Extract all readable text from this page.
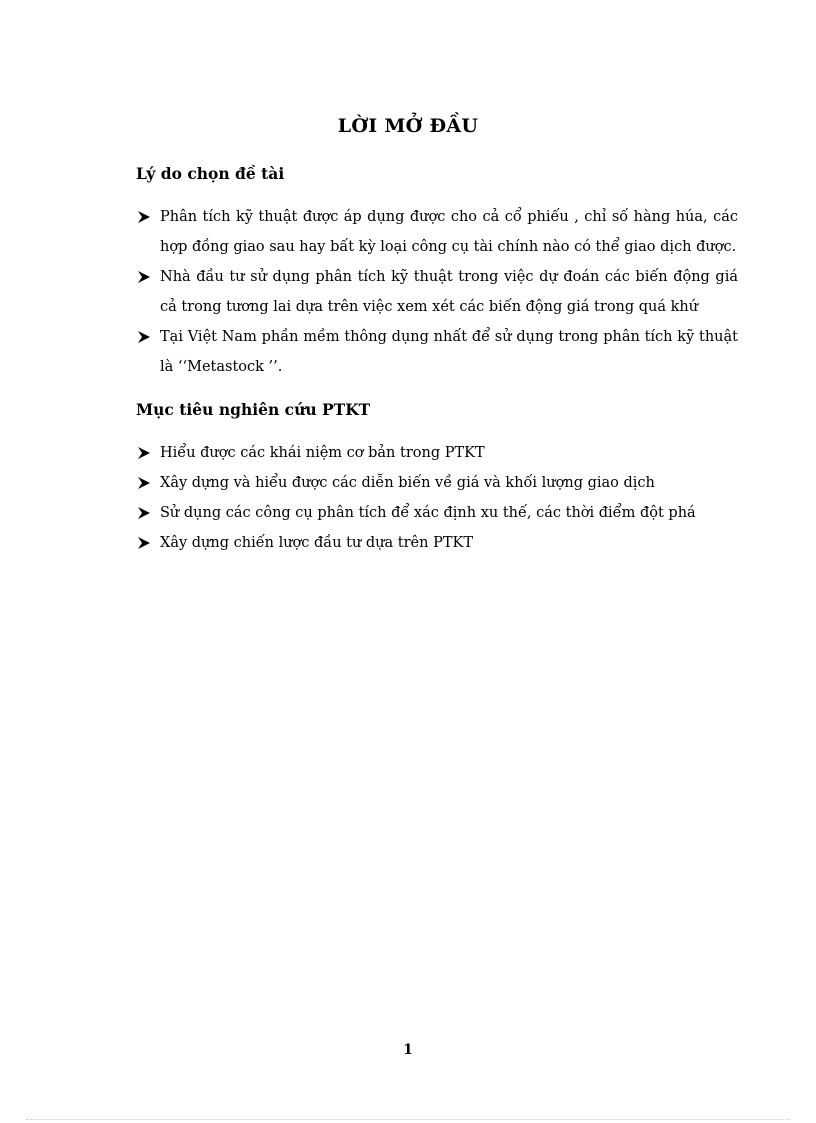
LỜI MỞ ĐẦU
Lý do chọn đề tài
Phân tích kỹ thuật được áp dụng được cho cả cổ phiếu , chỉ số hàng húa, các hợp đồng giao sau hay bất kỳ loại công cụ tài chính nào có thể giao dịch được.
Nhà đầu tư sử dụng phân tích kỹ thuật trong việc dự đoán các biến động giá cả trong tương lai dựa trên việc xem xét các biến động giá trong quá khứ
Tại Việt Nam phần mềm thông dụng nhất để sử dụng trong phân tích kỹ thuật là ‘‘Metastock ’’.
Mục tiêu nghiên cứu PTKT
Hiểu được các khái niệm cơ bản trong PTKT
Xây dựng và hiểu được các diễn biến về giá và khối lượng giao dịch
Sử dụng các công cụ phân tích để xác định xu thế, các thời điểm đột phá
Xây dựng chiến lược đầu tư dựa trên PTKT
1
